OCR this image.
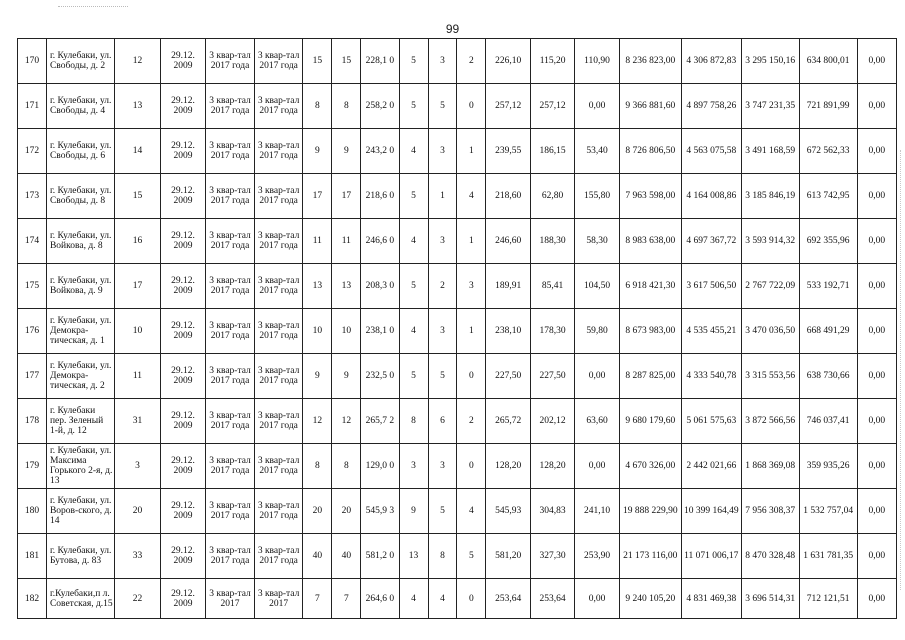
99
170	г. Кулебаки, ул. Свободы, д. 2	12	29.12. 2009	3 квар-тал 2017 года	3 квар-тал 2017 года	15	15	228,1 0	5	3	2	226,10	115,20	110,90	8 236 823,00	4 306 872,83	3 295 150,16	634 800,01	0,00
171	г. Кулебаки, ул. Свободы, д. 4	13	29.12. 2009	3 квар-тал 2017 года	3 квар-тал 2017 года	8	8	258,2 0	5	5	0	257,12	257,12	0,00	9 366 881,60	4 897 758,26	3 747 231,35	721 891,99	0,00
172	г. Кулебаки, ул. Свободы, д. 6	14	29.12. 2009	3 квар-тал 2017 года	3 квар-тал 2017 года	9	9	243,2 0	4	3	1	239,55	186,15	53,40	8 726 806,50	4 563 075,58	3 491 168,59	672 562,33	0,00
173	г. Кулебаки, ул. Свободы, д. 8	15	29.12. 2009	3 квар-тал 2017 года	3 квар-тал 2017 года	17	17	218,6 0	5	1	4	218,60	62,80	155,80	7 963 598,00	4 164 008,86	3 185 846,19	613 742,95	0,00
174	г. Кулебаки, ул. Войкова, д. 8	16	29.12. 2009	3 квар-тал 2017 года	3 квар-тал 2017 года	11	11	246,6 0	4	3	1	246,60	188,30	58,30	8 983 638,00	4 697 367,72	3 593 914,32	692 355,96	0,00
175	г. Кулебаки, ул. Войкова, д. 9	17	29.12. 2009	3 квар-тал 2017 года	3 квар-тал 2017 года	13	13	208,3 0	5	2	3	189,91	85,41	104,50	6 918 421,30	3 617 506,50	2 767 722,09	533 192,71	0,00
176	г. Кулебаки, ул. Демокра-тическая, д. 1	10	29.12. 2009	3 квар-тал 2017 года	3 квар-тал 2017 года	10	10	238,1 0	4	3	1	238,10	178,30	59,80	8 673 983,00	4 535 455,21	3 470 036,50	668 491,29	0,00
177	г. Кулебаки, ул. Демокра-тическая, д. 2	11	29.12. 2009	3 квар-тал 2017 года	3 квар-тал 2017 года	9	9	232,5 0	5	5	0	227,50	227,50	0,00	8 287 825,00	4 333 540,78	3 315 553,56	638 730,66	0,00
178	г. Кулебаки пер. Зеленый 1-й, д. 12	31	29.12. 2009	3 квар-тал 2017 года	3 квар-тал 2017 года	12	12	265,7 2	8	6	2	265,72	202,12	63,60	9 680 179,60	5 061 575,63	3 872 566,56	746 037,41	0,00
179	г. Кулебаки, ул. Максима Горького 2-я, д. 13	3	29.12. 2009	3 квар-тал 2017 года	3 квар-тал 2017 года	8	8	129,0 0	3	3	0	128,20	128,20	0,00	4 670 326,00	2 442 021,66	1 868 369,08	359 935,26	0,00
180	г. Кулебаки, ул. Воров-ского, д. 14	20	29.12. 2009	3 квар-тал 2017 года	3 квар-тал 2017 года	20	20	545,9 3	9	5	4	545,93	304,83	241,10	19 888 229,90	10 399 164,49	7 956 308,37	1 532 757,04	0,00
181	г. Кулебаки, ул. Бутова, д. 83	33	29.12. 2009	3 квар-тал 2017 года	3 квар-тал 2017 года	40	40	581,2 0	13	8	5	581,20	327,30	253,90	21 173 116,00	11 071 006,17	8 470 328,48	1 631 781,35	0,00
182	г.Кулебаки,п л. Советская, д.15	22	29.12. 2009	3 квар-тал 2017	3 квар-тал 2017	7	7	264,6 0	4	4	0	253,64	253,64	0,00	9 240 105,20	4 831 469,38	3 696 514,31	712 121,51	0,00
